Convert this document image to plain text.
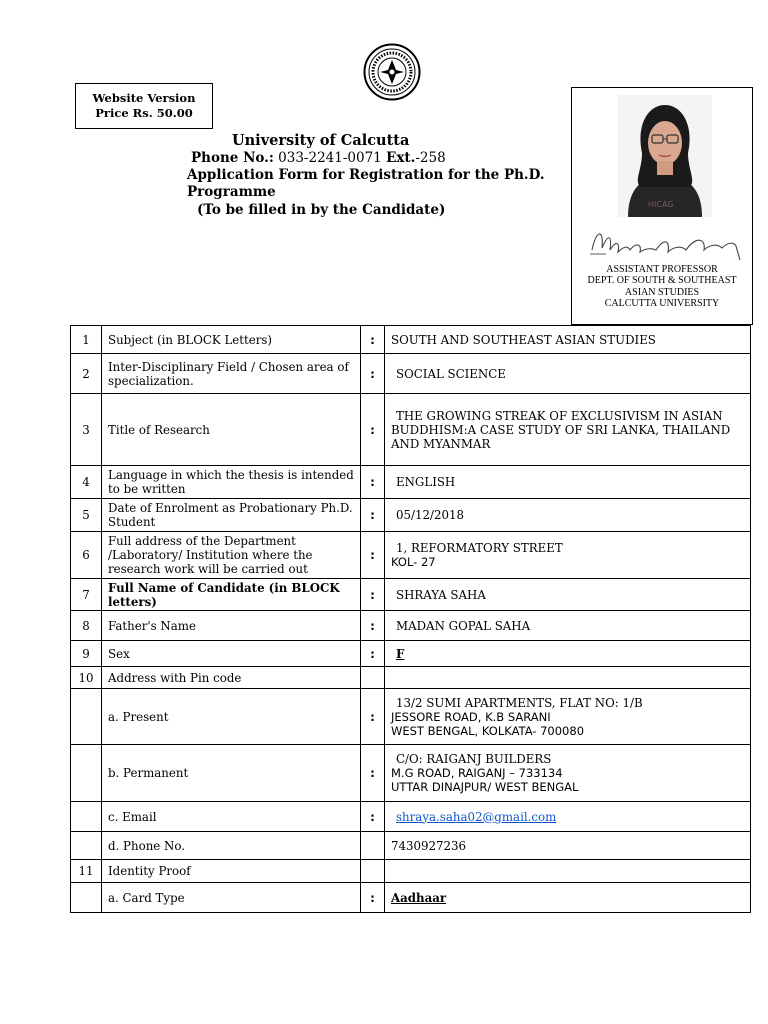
Website Version
Price Rs. 50.00
University of Calcutta
Phone No.: 033-2241-0071 Ext.-258
Application Form for Registration for the Ph.D.
Programme
(To be filled in by the Candidate)	HICAG
ASSISTANT PROFESSOR
DEPT. OF SOUTH & SOUTHEAST
ASIAN STUDIES
CALCUTTA UNIVERSITY
1	Subject (in BLOCK Letters)	:	SOUTH AND SOUTHEAST ASIAN STUDIES
2	Inter-Disciplinary Field / Chosen area of specialization.	:	SOCIAL SCIENCE
3	Title of Research	:	THE GROWING STREAK OF EXCLUSIVISM IN ASIAN BUDDHISM:A CASE STUDY OF SRI LANKA, THAILAND AND MYANMAR
4	Language in which the thesis is intended to be written	:	ENGLISH
5	Date of Enrolment as Probationary Ph.D. Student	:	05/12/2018
6	Full address of the Department /Laboratory/ Institution where the research work will be carried out	:	1, REFORMATORY STREET
KOL- 27

7	Full Name of Candidate (in BLOCK letters)	:	SHRAYA SAHA
8	Father's Name	:	MADAN GOPAL SAHA
9	Sex	:	F
10	Address with Pin code		
	a. Present	:	13/2 SUMI APARTMENTS, FLAT NO: 1/B
JESSORE ROAD, K.B SARANI
WEST BENGAL, KOLKATA- 700080

	b. Permanent	:	C/O: RAIGANJ BUILDERS
M.G ROAD, RAIGANJ – 733134
UTTAR DINAJPUR/ WEST BENGAL

	c. Email	:	shraya.saha02@gmail.com
	d. Phone No.		7430927236
11	Identity Proof		
	a. Card Type	:	Aadhaar
